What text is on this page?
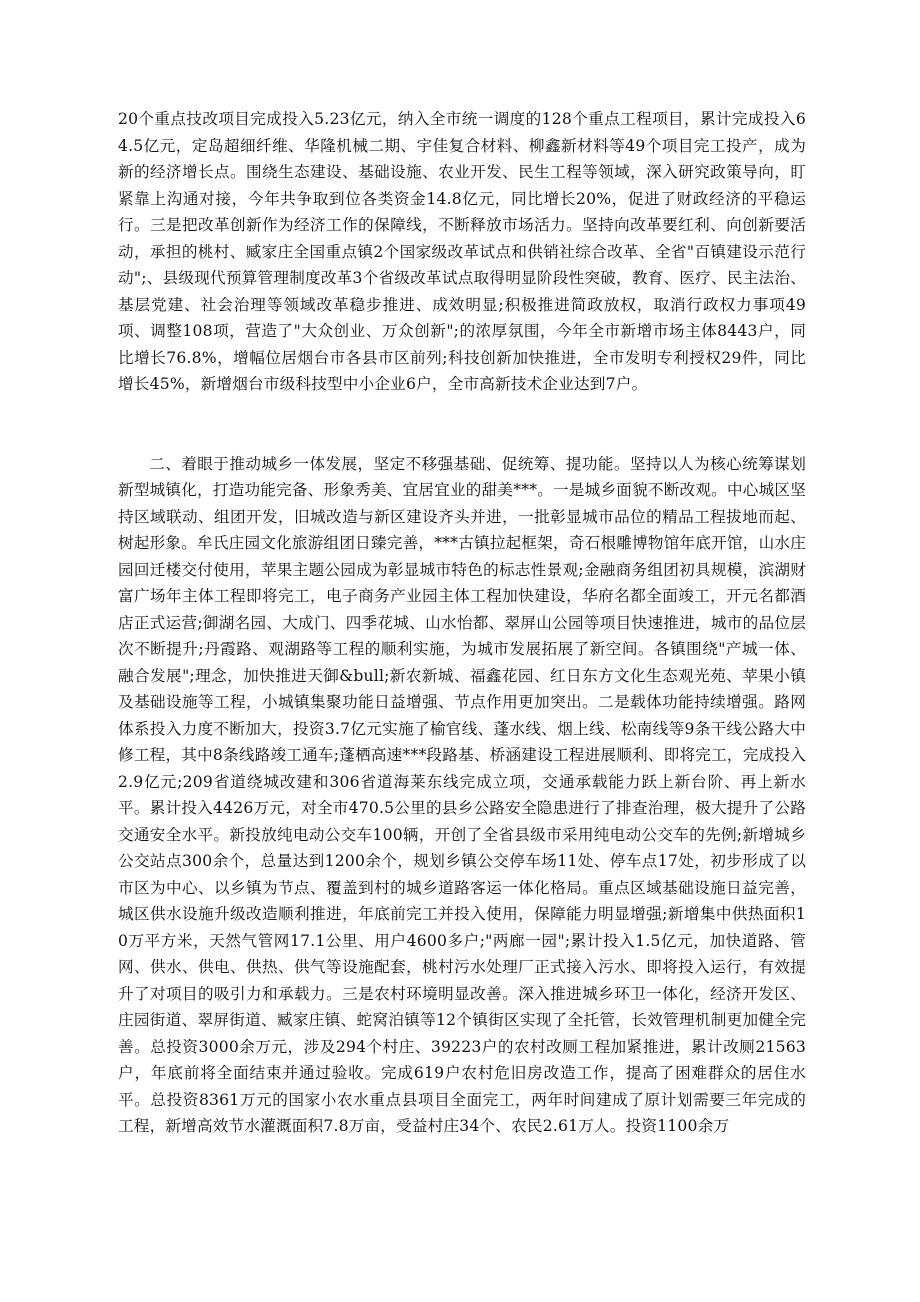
20个重点技改项目完成投入5.23亿元，纳入全市统一调度的128个重点工程项目，累计完成投入64.5亿元，定岛超细纤维、华隆机械二期、宇佳复合材料、柳鑫新材料等49个项目完工投产，成为新的经济增长点。围绕生态建设、基础设施、农业开发、民生工程等领域，深入研究政策导向，盯紧靠上沟通对接，今年共争取到位各类资金14.8亿元，同比增长20%，促进了财政经济的平稳运行。三是把改革创新作为经济工作的保障线，不断释放市场活力。坚持向改革要红利、向创新要活动，承担的桃村、臧家庄全国重点镇2个国家级改革试点和供销社综合改革、全省"百镇建设示范行动";、县级现代预算管理制度改革3个省级改革试点取得明显阶段性突破，教育、医疗、民主法治、基层党建、社会治理等领域改革稳步推进、成效明显;积极推进简政放权，取消行政权力事项49项、调整108项，营造了"大众创业、万众创新";的浓厚氛围，今年全市新增市场主体8443户，同比增长76.8%，增幅位居烟台市各县市区前列;科技创新加快推进，全市发明专利授权29件，同比增长45%，新增烟台市级科技型中小企业6户，全市高新技术企业达到7户。

二、着眼于推动城乡一体发展，坚定不移强基础、促统筹、提功能。坚持以人为核心统筹谋划新型城镇化，打造功能完备、形象秀美、宜居宜业的甜美***。一是城乡面貌不断改观。中心城区坚持区域联动、组团开发，旧城改造与新区建设齐头并进，一批彰显城市品位的精品工程拔地而起、树起形象。牟氏庄园文化旅游组团日臻完善，***古镇拉起框架，奇石根雕博物馆年底开馆，山水庄园回迁楼交付使用，苹果主题公园成为彰显城市特色的标志性景观;金融商务组团初具规模，滨湖财富广场年主体工程即将完工，电子商务产业园主体工程加快建设，华府名都全面竣工，开元名都酒店正式运营;御湖名园、大成门、四季花城、山水怡都、翠屏山公园等项目快速推进，城市的品位层次不断提升;丹霞路、观湖路等工程的顺利实施，为城市发展拓展了新空间。各镇围绕"产城一体、融合发展";理念，加快推进天御&bull;新农新城、福鑫花园、红日东方文化生态观光苑、苹果小镇及基础设施等工程，小城镇集聚功能日益增强、节点作用更加突出。二是载体功能持续增强。路网体系投入力度不断加大，投资3.7亿元实施了榆官线、蓬水线、烟上线、松南线等9条干线公路大中修工程，其中8条线路竣工通车;蓬栖高速***段路基、桥涵建设工程进展顺利、即将完工，完成投入2.9亿元;209省道绕城改建和306省道海莱东线完成立项，交通承载能力跃上新台阶、再上新水平。累计投入4426万元，对全市470.5公里的县乡公路安全隐患进行了排查治理，极大提升了公路交通安全水平。新投放纯电动公交车100辆，开创了全省县级市采用纯电动公交车的先例;新增城乡公交站点300余个，总量达到1200余个，规划乡镇公交停车场11处、停车点17处，初步形成了以市区为中心、以乡镇为节点、覆盖到村的城乡道路客运一体化格局。重点区域基础设施日益完善，城区供水设施升级改造顺利推进，年底前完工并投入使用，保障能力明显增强;新增集中供热面积10万平方米，天然气管网17.1公里、用户4600多户;"两廊一园";累计投入1.5亿元，加快道路、管网、供水、供电、供热、供气等设施配套，桃村污水处理厂正式接入污水、即将投入运行，有效提升了对项目的吸引力和承载力。三是农村环境明显改善。深入推进城乡环卫一体化，经济开发区、庄园街道、翠屏街道、臧家庄镇、蛇窝泊镇等12个镇街区实现了全托管，长效管理机制更加健全完善。总投资3000余万元，涉及294个村庄、39223户的农村改厕工程加紧推进，累计改厕21563户，年底前将全面结束并通过验收。完成619户农村危旧房改造工作，提高了困难群众的居住水平。总投资8361万元的国家小农水重点县项目全面完工，两年时间建成了原计划需要三年完成的工程，新增高效节水灌溉面积7.8万亩，受益村庄34个、农民2.61万人。投资1100余万
